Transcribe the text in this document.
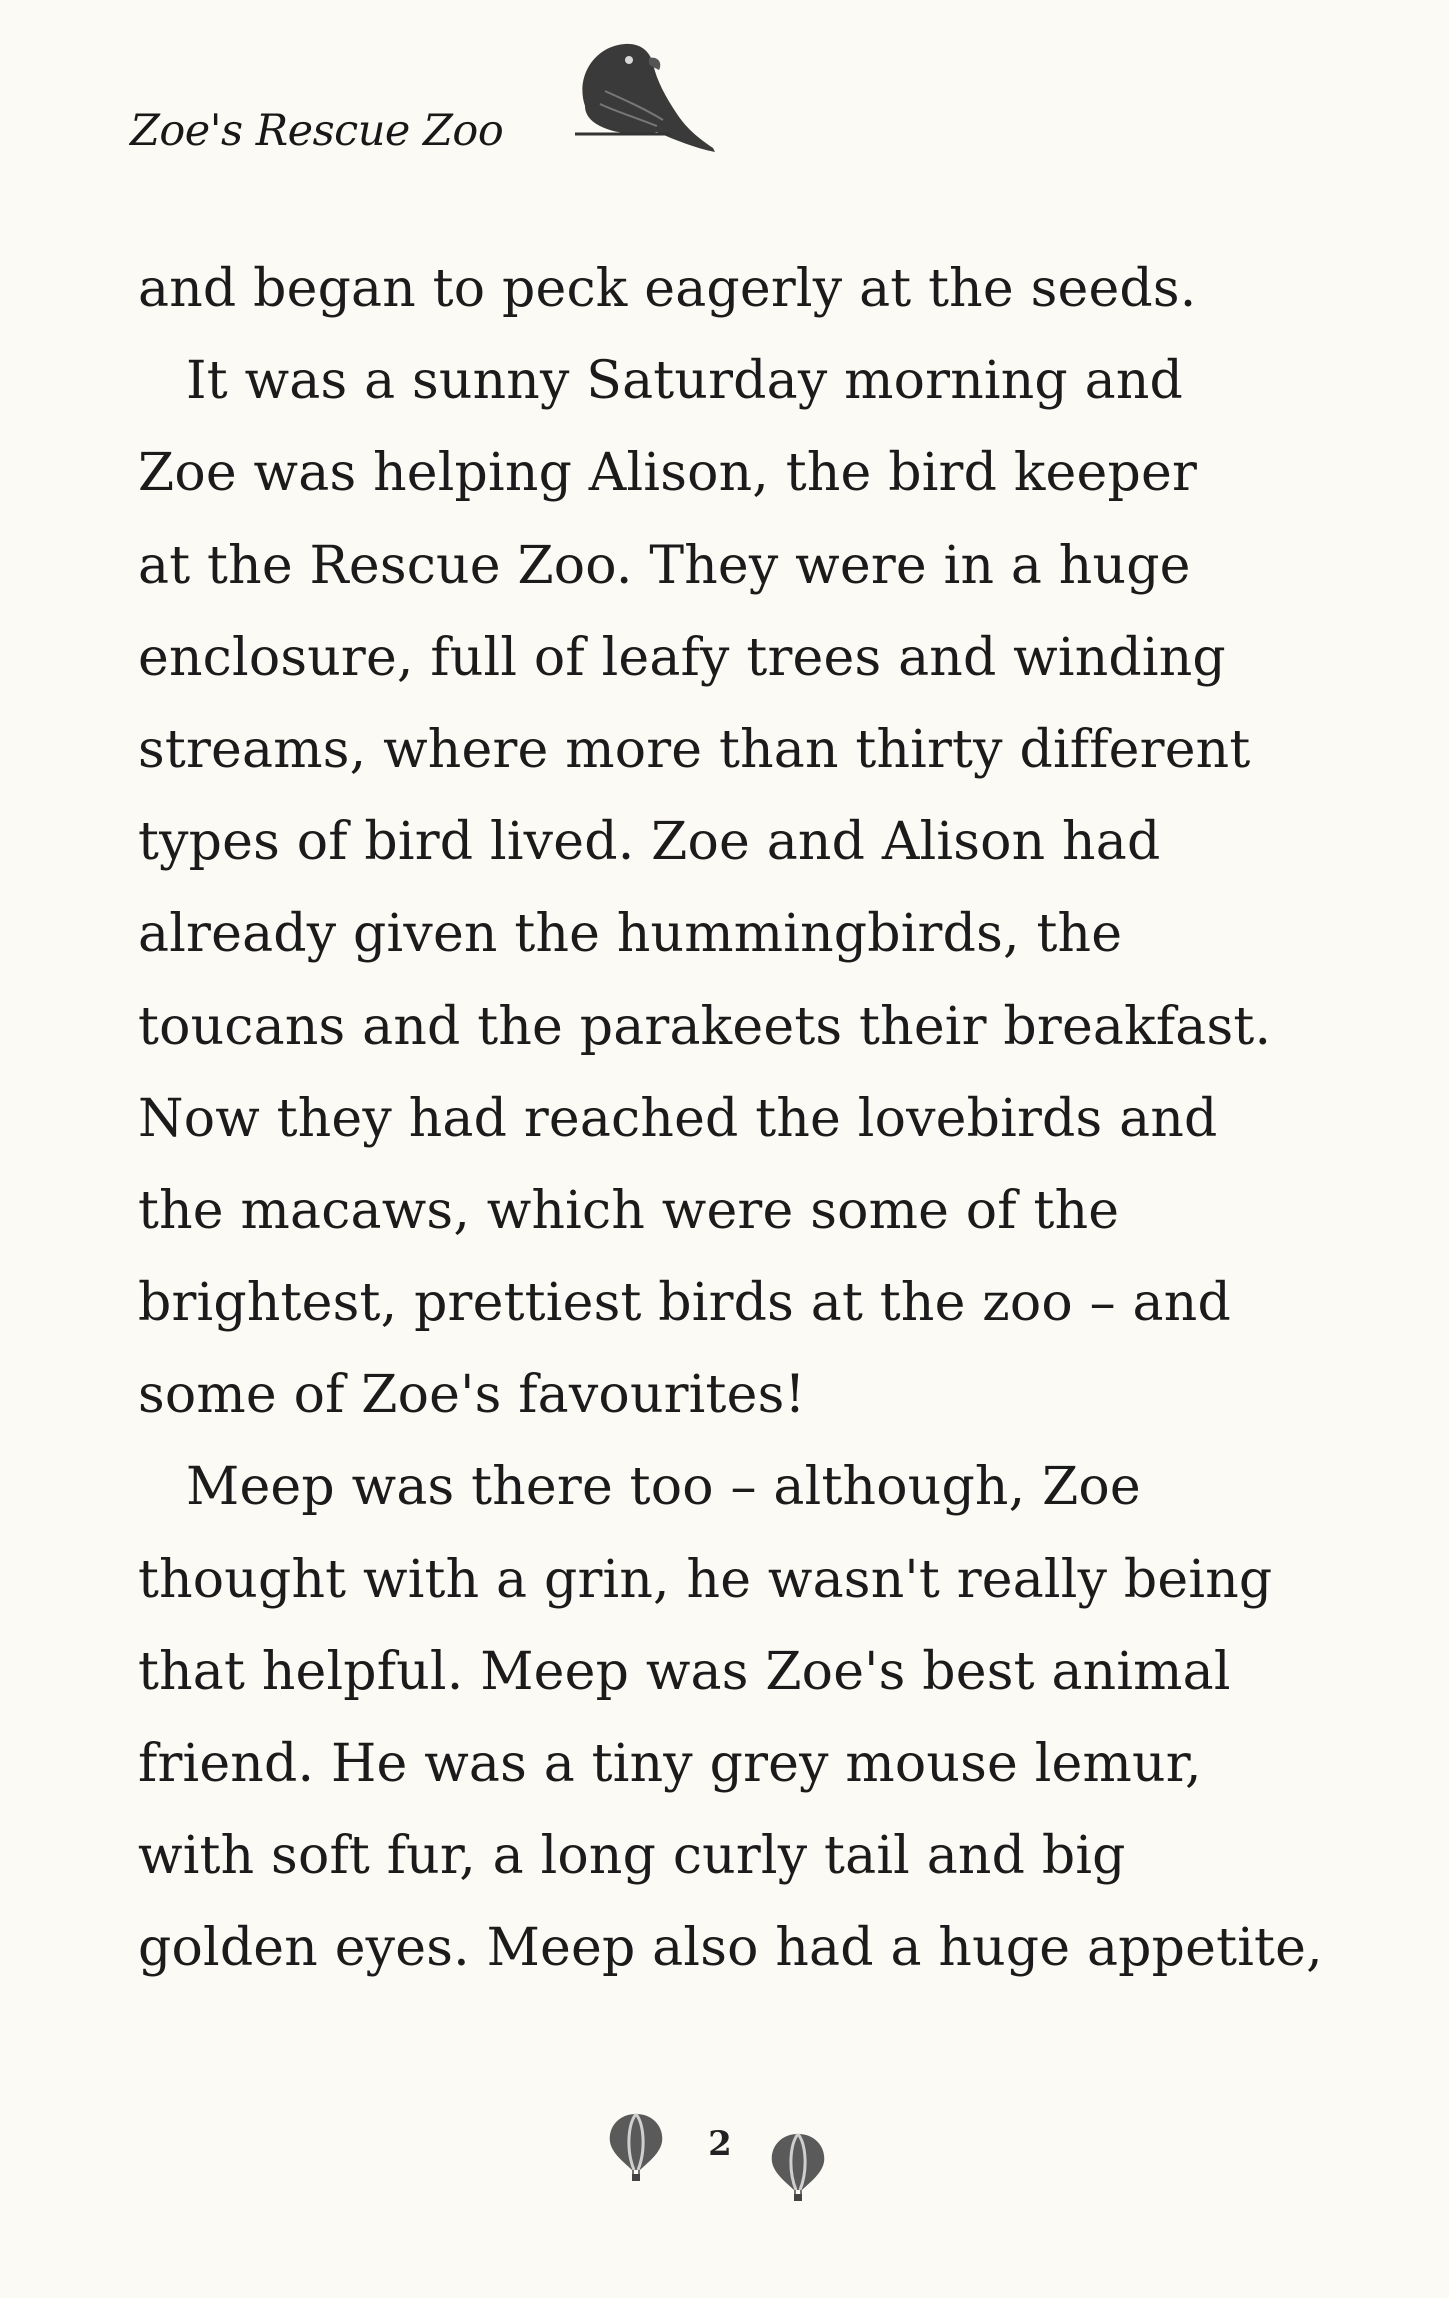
Zoe's Rescue Zoo
and began to peck eagerly at the seeds.
It was a sunny Saturday morning and
Zoe was helping Alison, the bird keeper
at the Rescue Zoo. They were in a huge
enclosure, full of leafy trees and winding
streams, where more than thirty different
types of bird lived. Zoe and Alison had
already given the hummingbirds, the
toucans and the parakeets their breakfast.
Now they had reached the lovebirds and
the macaws, which were some of the
brightest, prettiest birds at the zoo – and
some of Zoe's favourites!
Meep was there too – although, Zoe
thought with a grin, he wasn't really being
that helpful. Meep was Zoe's best animal
friend. He was a tiny grey mouse lemur,
with soft fur, a long curly tail and big
golden eyes. Meep also had a huge appetite,
2
